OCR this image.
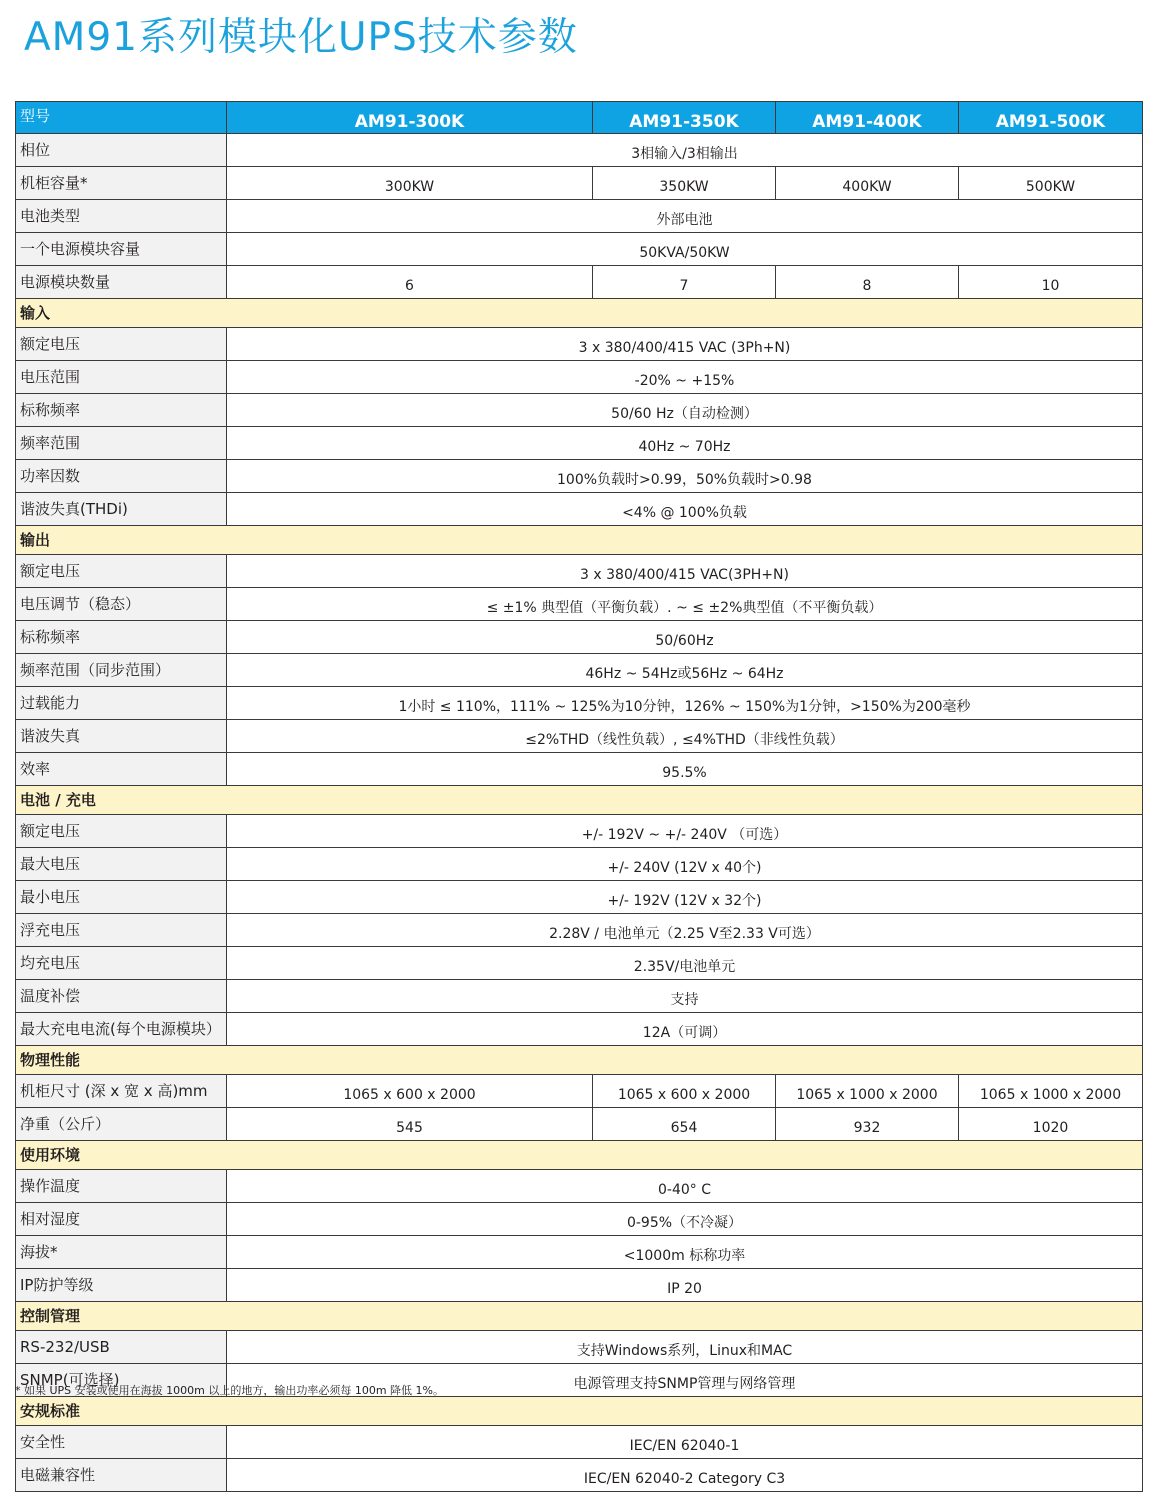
AM91系列模块化UPS技术参数
型号	AM91-300K	AM91-350K	AM91-400K	AM91-500K
相位	3相输入/3相输出			
机柜容量*	300KW	350KW	400KW	500KW
电池类型	外部电池			
一个电源模块容量	50KVA/50KW			
电源模块数量	6	7	8	10
输入				
额定电压	3 x 380/400/415 VAC (3Ph+N)			
电压范围	-20% ~ +15%			
标称频率	50/60 Hz（自动检测）			
频率范围	40Hz ~ 70Hz			
功率因数	100%负载时>0.99，50%负载时>0.98			
谐波失真(THDi)	<4% @ 100%负载			
输出				
额定电压	3 x 380/400/415 VAC(3PH+N)			
电压调节（稳态）	≤ ±1% 典型值（平衡负载）. ~ ≤ ±2%典型值（不平衡负载）			
标称频率	50/60Hz			
频率范围（同步范围）	46Hz ~ 54Hz或56Hz ~ 64Hz			
过载能力	1小时 ≤ 110%，111% ~ 125%为10分钟，126% ~ 150%为1分钟，>150%为200毫秒			
谐波失真	≤2%THD（线性负载）, ≤4%THD（非线性负载）			
效率	95.5%			
电池 / 充电				
额定电压	+/- 192V ~ +/- 240V （可选）			
最大电压	+/- 240V (12V x 40个)			
最小电压	+/- 192V (12V x 32个)			
浮充电压	2.28V / 电池单元（2.25 V至2.33 V可选）			
均充电压	2.35V/电池单元			
温度补偿	支持			
最大充电电流(每个电源模块）	12A（可调）			
物理性能				
机柜尺寸 (深 x 宽 x 高)mm	1065 x 600 x 2000	1065 x 600 x 2000	1065 x 1000 x 2000	1065 x 1000 x 2000
净重（公斤）	545	654	932	1020
使用环境				
操作温度	0-40° C			
相对湿度	0-95%（不冷凝）			
海拔*	<1000m 标称功率			
IP防护等级	IP 20			
控制管理				
RS-232/USB	支持Windows系列，Linux和MAC			
SNMP(可选择)	电源管理支持SNMP管理与网络管理			
安规标准				
安全性	IEC/EN 62040-1			
电磁兼容性	IEC/EN 62040-2 Category C3			

* 如果 UPS 安装或使用在海拔 1000m 以上的地方，输出功率必须每 100m 降低 1%。
